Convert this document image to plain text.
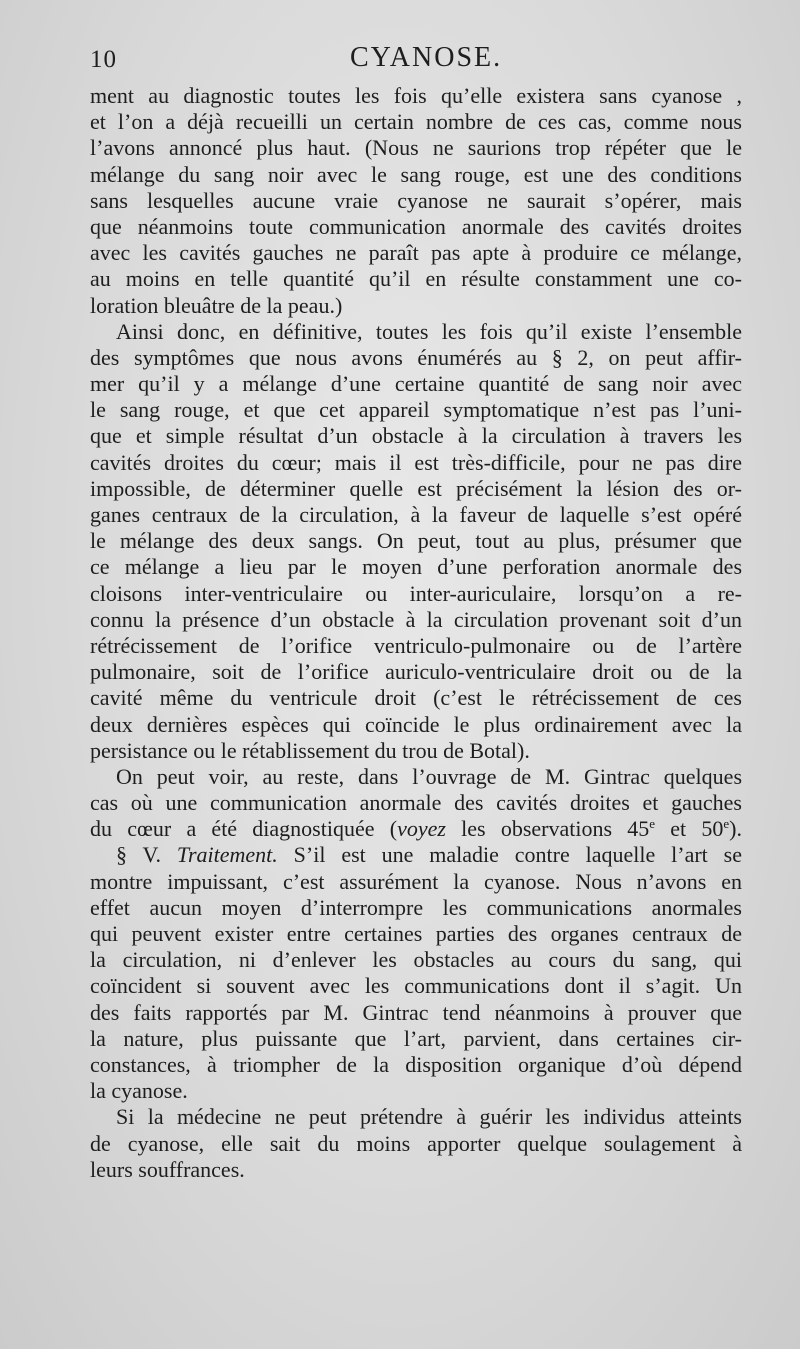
10	CYANOSE.
ment au diagnostic toutes les fois qu’elle existera sans cyanose ,
et l’on a déjà recueilli un certain nombre de ces cas, comme nous
l’avons annoncé plus haut. (Nous ne saurions trop répéter que le
mélange du sang noir avec le sang rouge, est une des conditions
sans lesquelles aucune vraie cyanose ne saurait s’opérer, mais
que néanmoins toute communication anormale des cavités droites
avec les cavités gauches ne paraît pas apte à produire ce mélange,
au moins en telle quantité qu’il en résulte constamment une co-
loration bleuâtre de la peau.)
Ainsi donc, en définitive, toutes les fois qu’il existe l’ensemble
des symptômes que nous avons énumérés au § 2, on peut affir-
mer qu’il y a mélange d’une certaine quantité de sang noir avec
le sang rouge, et que cet appareil symptomatique n’est pas l’uni-
que et simple résultat d’un obstacle à la circulation à travers les
cavités droites du cœur; mais il est très-difficile, pour ne pas dire
impossible, de déterminer quelle est précisément la lésion des or-
ganes centraux de la circulation, à la faveur de laquelle s’est opéré
le mélange des deux sangs. On peut, tout au plus, présumer que
ce mélange a lieu par le moyen d’une perforation anormale des
cloisons inter-ventriculaire ou inter-auriculaire, lorsqu’on a re-
connu la présence d’un obstacle à la circulation provenant soit d’un
rétrécissement de l’orifice ventriculo-pulmonaire ou de l’artère
pulmonaire, soit de l’orifice auriculo-ventriculaire droit ou de la
cavité même du ventricule droit (c’est le rétrécissement de ces
deux dernières espèces qui coïncide le plus ordinairement avec la
persistance ou le rétablissement du trou de Botal).
On peut voir, au reste, dans l’ouvrage de M. Gintrac quelques
cas où une communication anormale des cavités droites et gauches
du cœur a été diagnostiquée (voyez les observations 45e et 50e).
§ V. Traitement. S’il est une maladie contre laquelle l’art se
montre impuissant, c’est assurément la cyanose. Nous n’avons en
effet aucun moyen d’interrompre les communications anormales
qui peuvent exister entre certaines parties des organes centraux de
la circulation, ni d’enlever les obstacles au cours du sang, qui
coïncident si souvent avec les communications dont il s’agit. Un
des faits rapportés par M. Gintrac tend néanmoins à prouver que
la nature, plus puissante que l’art, parvient, dans certaines cir-
constances, à triompher de la disposition organique d’où dépend
la cyanose.
Si la médecine ne peut prétendre à guérir les individus atteints
de cyanose, elle sait du moins apporter quelque soulagement à
leurs souffrances.
